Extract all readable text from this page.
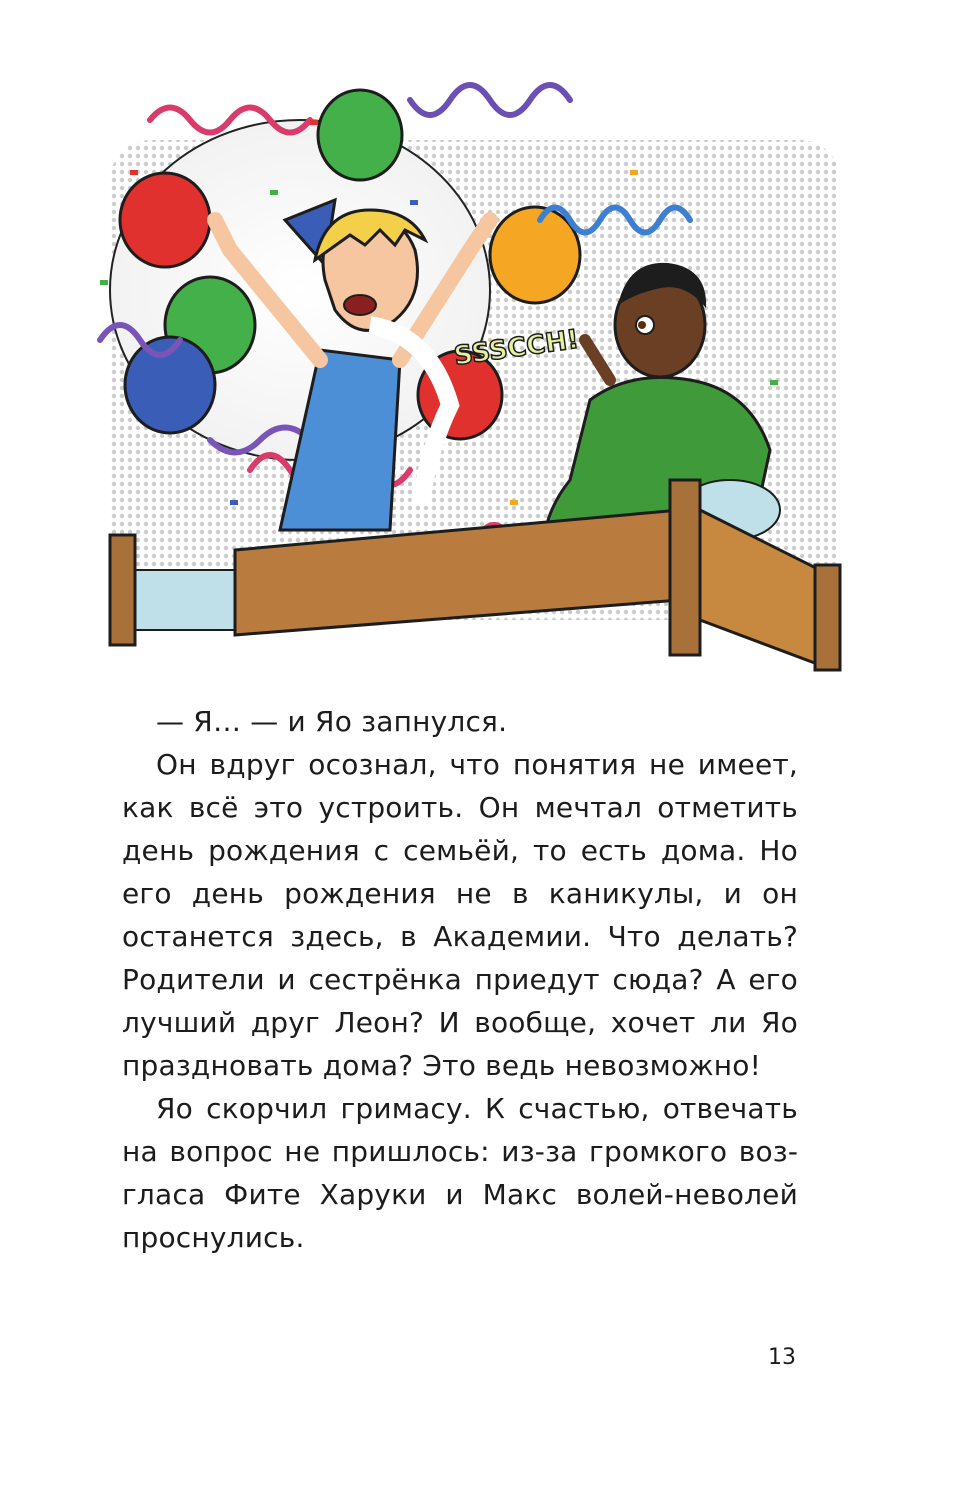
SSSCCH!

— Я… — и Яо запнулся.

Он вдруг осознал, что понятия не имеет, как всё это устроить. Он мечтал отметить день рождения с семьёй, то есть дома. Но его день рождения не в каникулы, и он останется здесь, в Академии. Что делать? Родители и сестрёнка приедут сюда? А его лучший друг Леон? И вообще, хочет ли Яо праздновать дома? Это ведь невозможно!

Яо скорчил гримасу. К счастью, отвечать на вопрос не пришлось: из-за громкого возгласа Фите Харуки и Макс волей-неволей проснулись.

13
